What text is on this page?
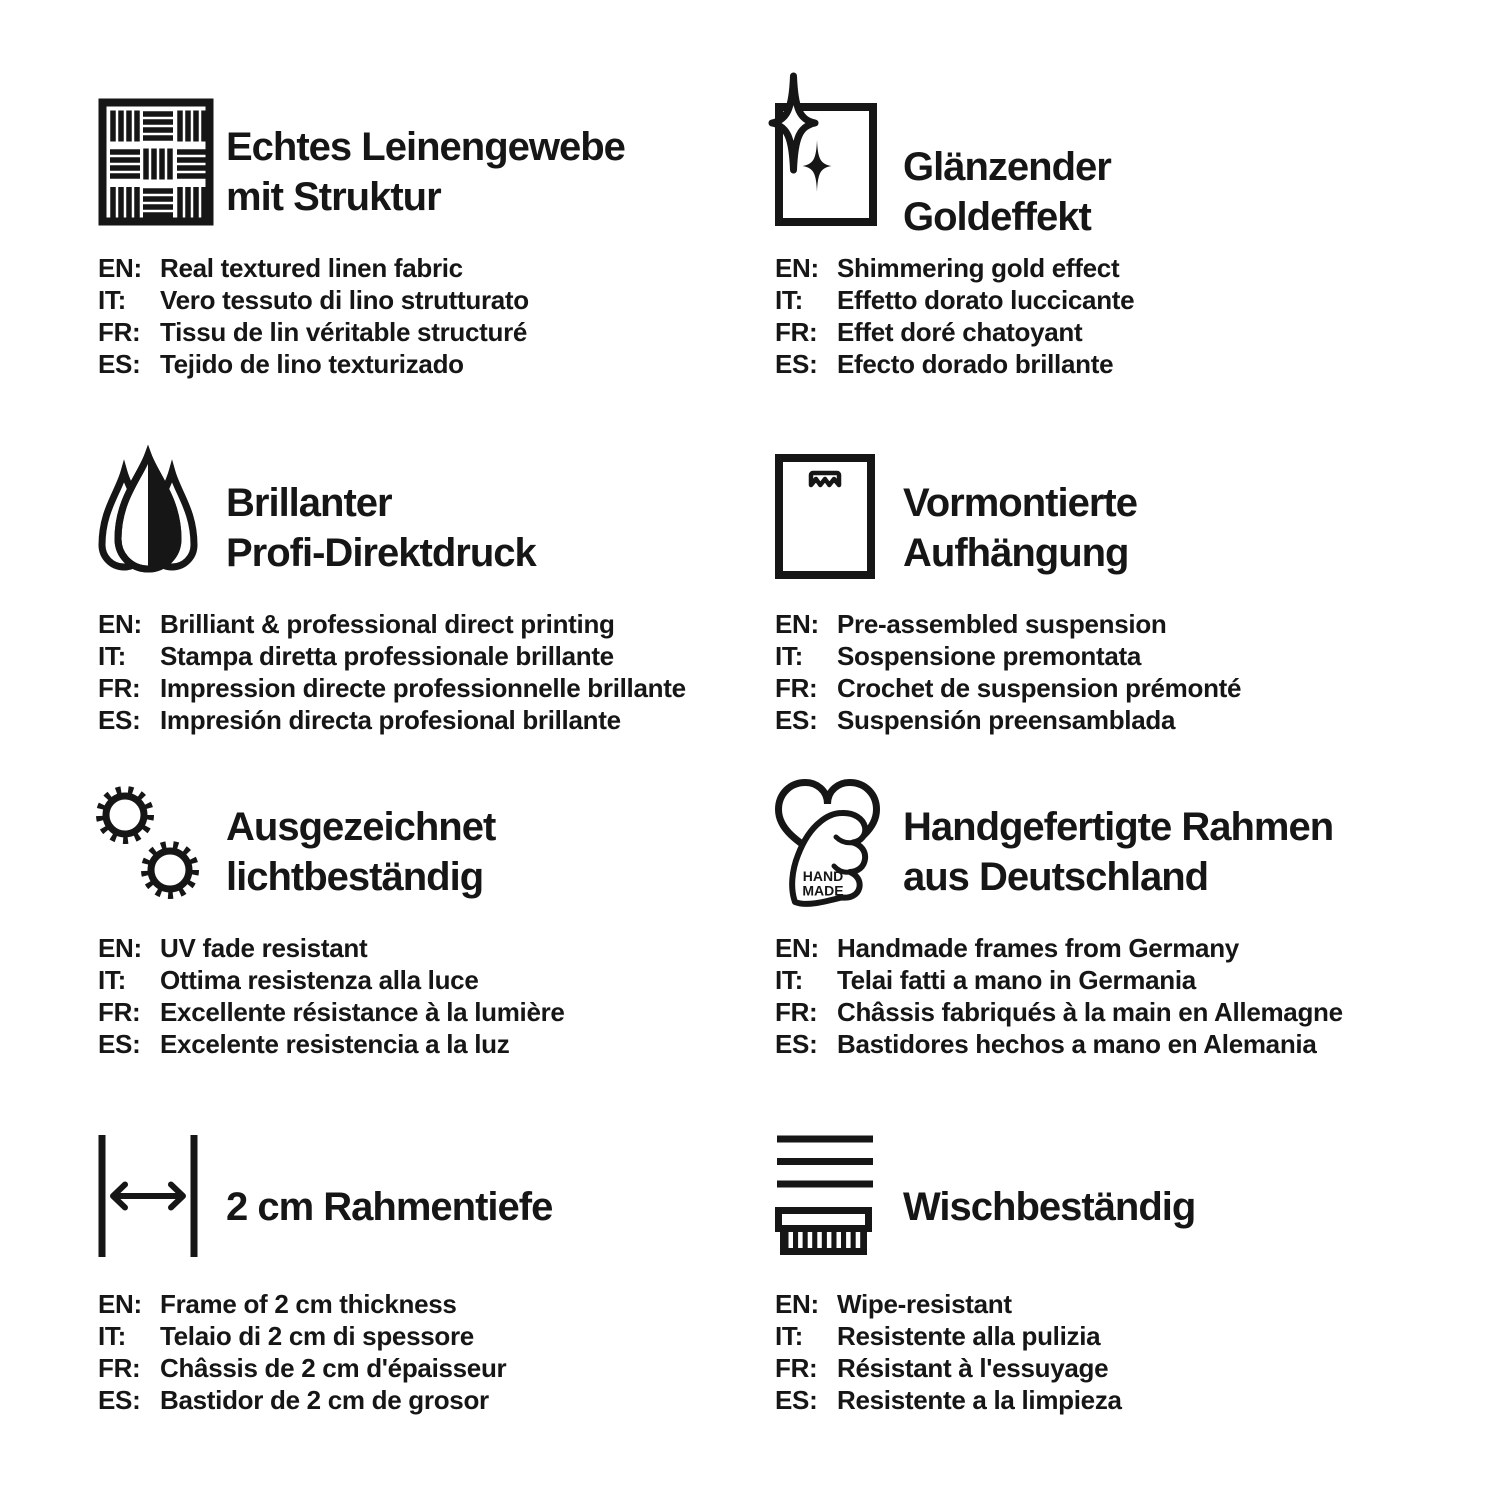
Echtes Leinengewebe
mit Struktur
EN: Real textured linen fabric
IT:	Vero tessuto di lino strutturato
FR: Tissu de lin véritable structuré
ES: Tejido de lino texturizado
Glänzender
Goldeffekt
EN: Shimmering gold effect
IT:	Effetto dorato luccicante
FR: Effet doré chatoyant
ES: Efecto dorado brillante
Brillanter
Profi-Direktdruck
EN: Brilliant & professional direct printing
IT:	Stampa diretta professionale brillante
FR: Impression directe professionnelle brillante
ES: Impresión directa profesional brillante
Vormontierte
Aufhängung
EN: Pre-assembled suspension
IT:	Sospensione premontata
FR: Crochet de suspension prémonté
ES: Suspensión preensamblada
Ausgezeichnet
lichtbeständig
EN: UV fade resistant
IT:	Ottima resistenza alla luce
FR: Excellente résistance à la lumière
ES: Excelente resistencia a la luz
HAND
MADE
Handgefertigte Rahmen
aus Deutschland
EN: Handmade frames from Germany
IT:	Telai fatti a mano in Germania
FR: Châssis fabriqués à la main en Allemagne
ES: Bastidores hechos a mano en Alemania
2 cm Rahmentiefe
EN: Frame of 2 cm thickness
IT:	Telaio di 2 cm di spessore
FR: Châssis de 2 cm d'épaisseur
ES: Bastidor de 2 cm de grosor
Wischbeständig
EN: Wipe-resistant
IT:	Resistente alla pulizia
FR: Résistant à l'essuyage
ES: Resistente a la limpieza
